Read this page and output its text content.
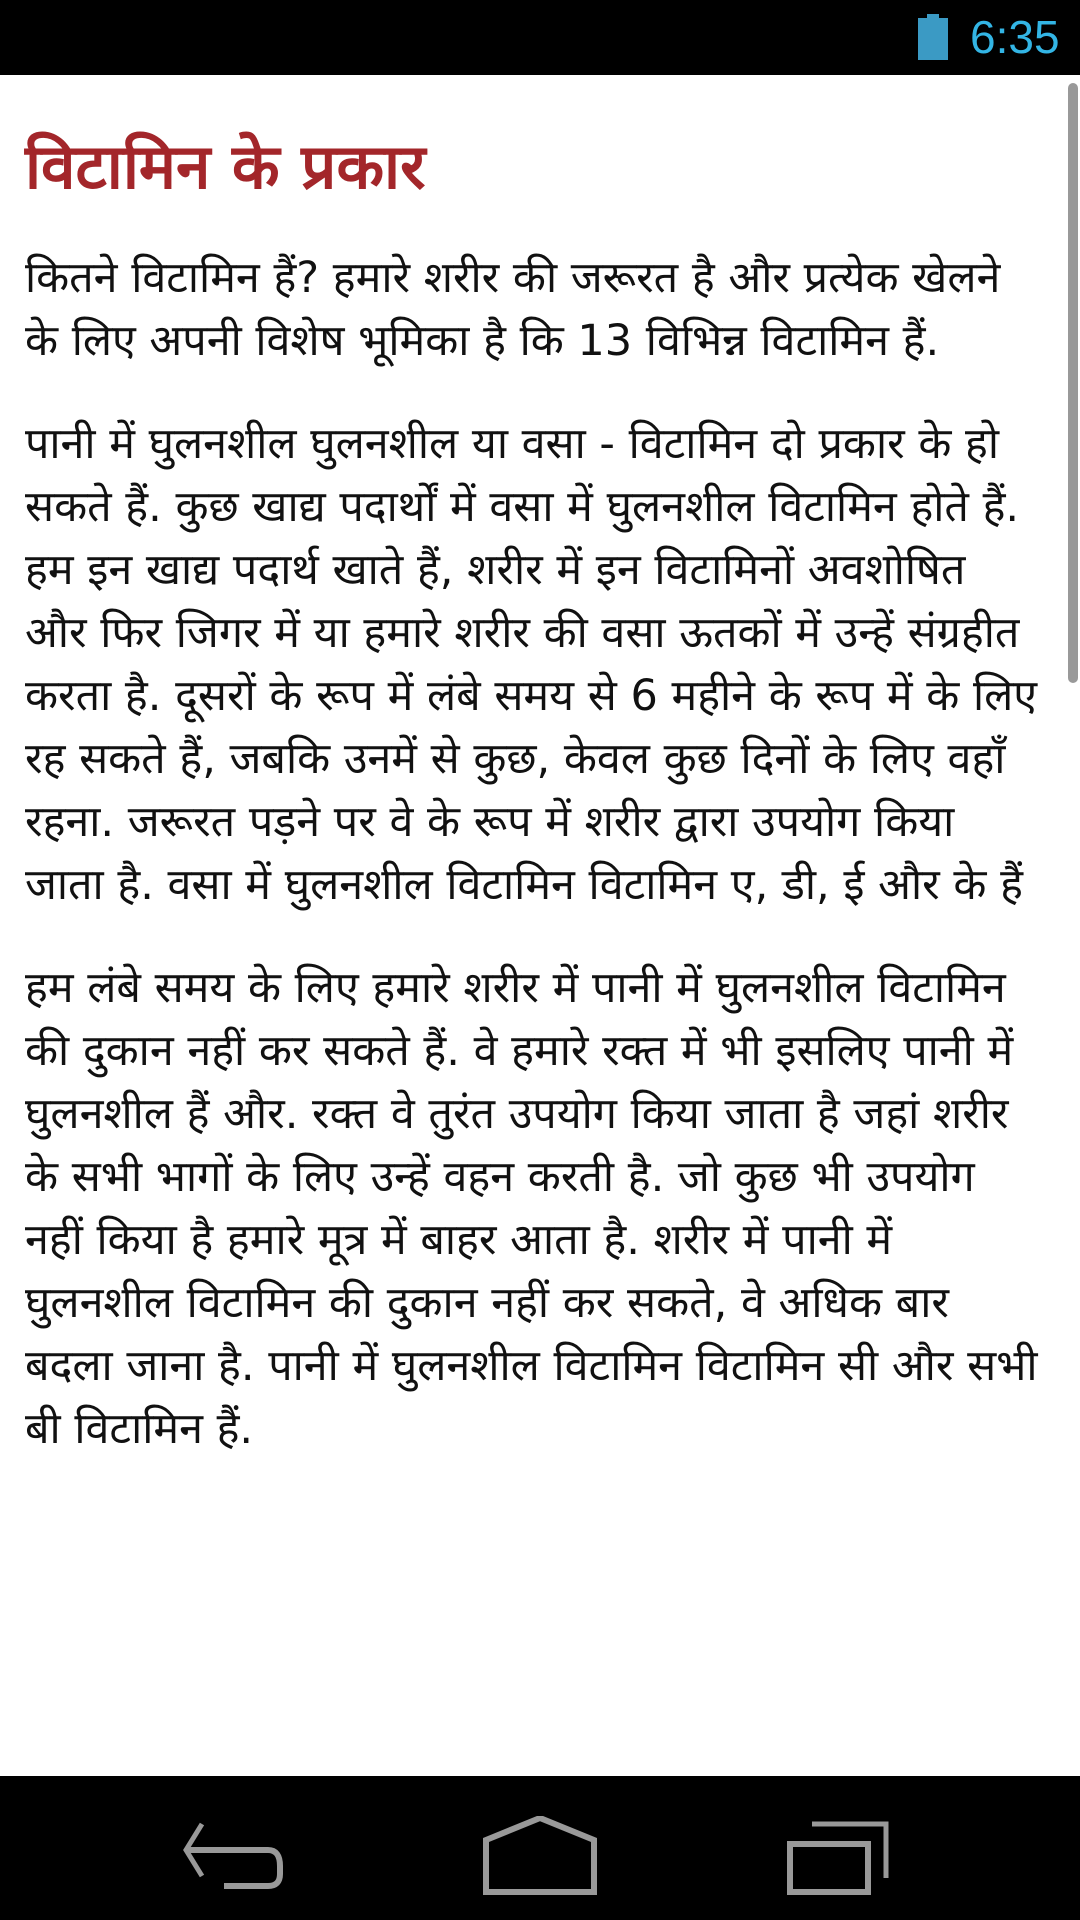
6:35
विटामिन के प्रकार

कितने विटामिन हैं? हमारे शरीर की जरूरत है और प्रत्येक खेलने के लिए अपनी विशेष भूमिका है कि 13 विभिन्न विटामिन हैं.

पानी में घुलनशील घुलनशील या वसा - विटामिन दो प्रकार के हो सकते हैं. कुछ खाद्य पदार्थों में वसा में घुलनशील विटामिन होते हैं. हम इन खाद्य पदार्थ खाते हैं, शरीर में इन विटामिनों अवशोषित और फिर जिगर में या हमारे शरीर की वसा ऊतकों में उन्हें संग्रहीत करता है. दूसरों के रूप में लंबे समय से 6 महीने के रूप में के लिए रह सकते हैं, जबकि उनमें से कुछ, केवल कुछ दिनों के लिए वहाँ रहना. जरूरत पड़ने पर वे के रूप में शरीर द्वारा उपयोग किया जाता है. वसा में घुलनशील विटामिन विटामिन ए, डी, ई और के हैं

हम लंबे समय के लिए हमारे शरीर में पानी में घुलनशील विटामिन की दुकान नहीं कर सकते हैं. वे हमारे रक्त में भी इसलिए पानी में घुलनशील हैं और. रक्त वे तुरंत उपयोग किया जाता है जहां शरीर के सभी भागों के लिए उन्हें वहन करती है. जो कुछ भी उपयोग नहीं किया है हमारे मूत्र में बाहर आता है. शरीर में पानी में घुलनशील विटामिन की दुकान नहीं कर सकते, वे अधिक बार बदला जाना है. पानी में घुलनशील विटामिन विटामिन सी और सभी बी विटामिन हैं.
